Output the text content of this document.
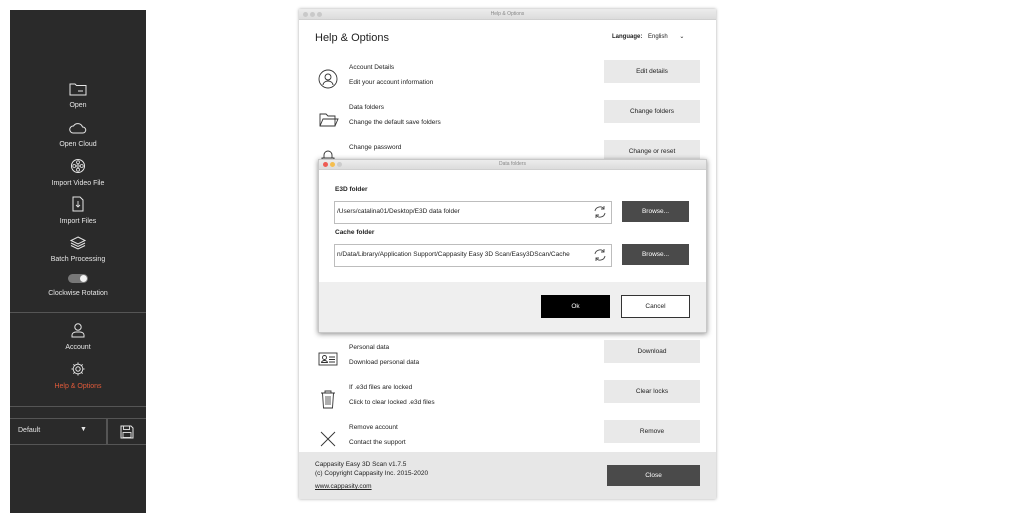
Open
Open Cloud
Import Video File
Import Files
Batch Processing
Clockwise Rotation
Account
Help & Options
Default	▼
Help & Options
Help & Options	Language: English ⌄
Account Details
Edit your account information
Edit details
Data folders
Change the default save folders
Change folders
Change password
Change or reset
Personal data
Download personal data
Download
If .e3d files are locked
Click to clear locked .e3d files
Clear locks
Remove account
Contact the support
Remove
Cappasity Easy 3D Scan v1.7.5
(c) Copyright Cappasity Inc. 2015-2020
www.cappasity.com
Close
Data folders
E3D folder
/Users/catalina01/Desktop/E3D data folder	Browse...
Cache folder
n/Data/Library/Application Support/Cappasity Easy 3D Scan/Easy3DScan/Cache	Browse...
Ok	Cancel
